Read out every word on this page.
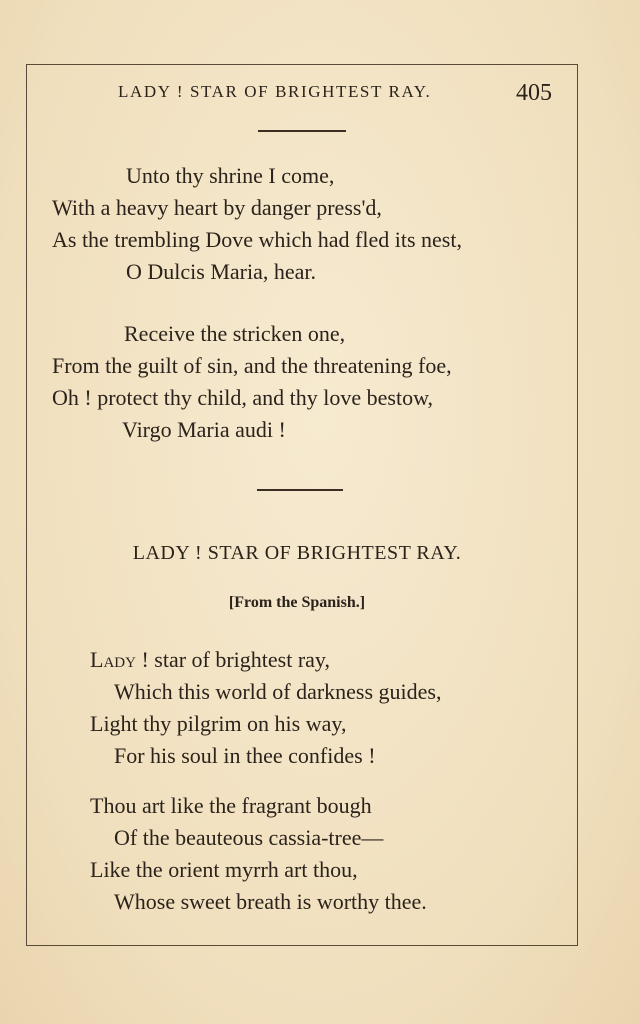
LADY ! STAR OF BRIGHTEST RAY.	405
Unto thy shrine I come,
With a heavy heart by danger press'd,
As the trembling Dove which had fled its nest,
O Dulcis Maria, hear.
Receive the stricken one,
From the guilt of sin, and the threatening foe,
Oh ! protect thy child, and thy love bestow,
Virgo Maria audi !
LADY ! STAR OF BRIGHTEST RAY.
[From the Spanish.]
Lady ! star of brightest ray,
Which this world of darkness guides,
Light thy pilgrim on his way,
For his soul in thee confides !
Thou art like the fragrant bough
Of the beauteous cassia-tree—
Like the orient myrrh art thou,
Whose sweet breath is worthy thee.
